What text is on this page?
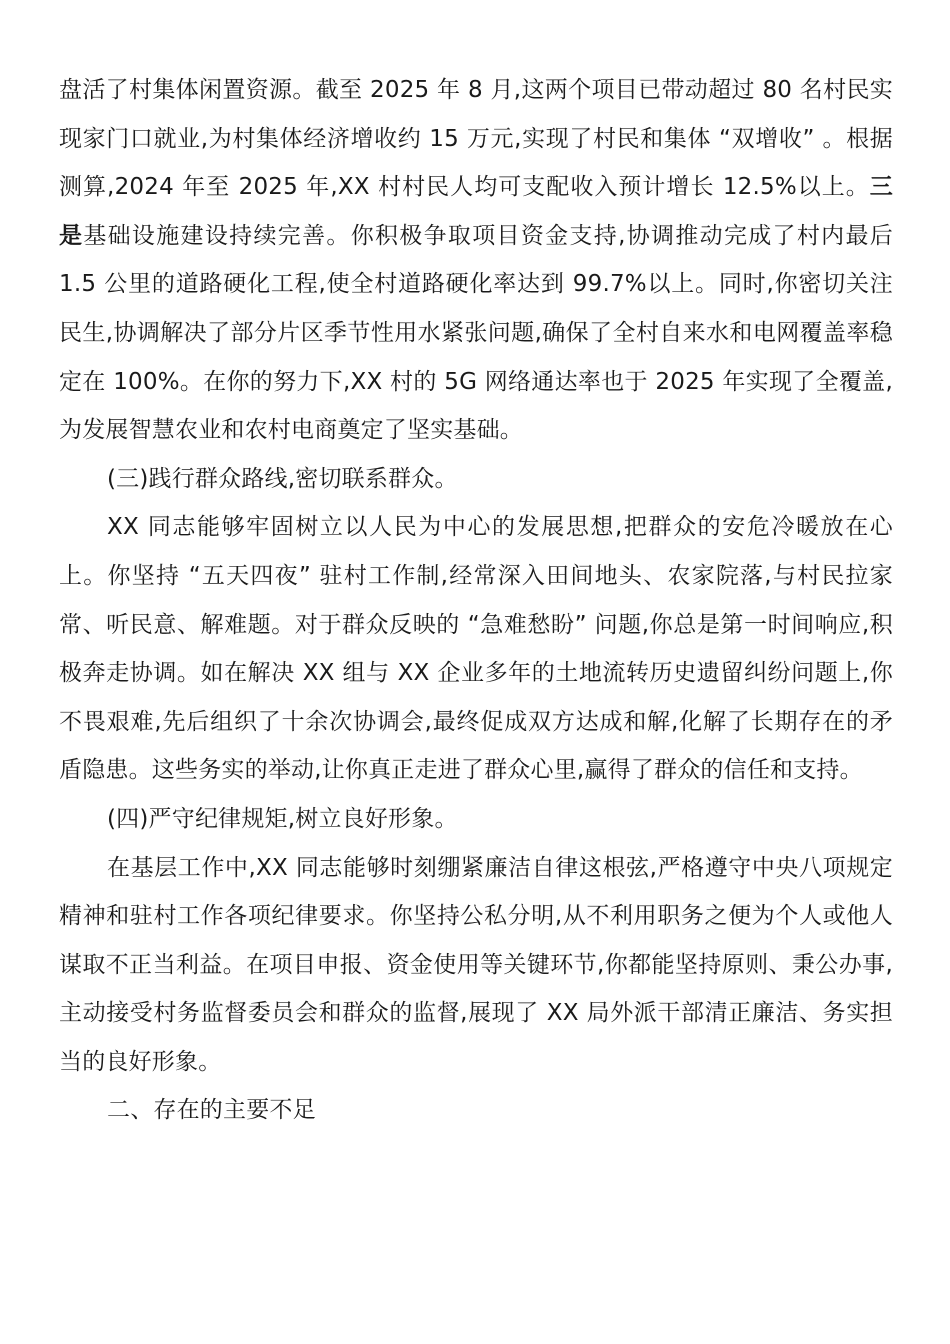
盘活了村集体闲置资源。截至 2025 年 8 月,这两个项目已带动超过 80 名村民实现家门口就业,为村集体经济增收约 15 万元,实现了村民和集体 “双增收” 。根据测算,2024 年至 2025 年,XX 村村民人均可支配收入预计增长 12.5%以上。三是基础设施建设持续完善。你积极争取项目资金支持,协调推动完成了村内最后 1.5 公里的道路硬化工程,使全村道路硬化率达到 99.7%以上。同时,你密切关注民生,协调解决了部分片区季节性用水紧张问题,确保了全村自来水和电网覆盖率稳定在 100%。在你的努力下,XX 村的 5G 网络通达率也于 2025 年实现了全覆盖,为发展智慧农业和农村电商奠定了坚实基础。

(三)践行群众路线,密切联系群众。

XX 同志能够牢固树立以人民为中心的发展思想,把群众的安危冷暖放在心上。你坚持 “五天四夜” 驻村工作制,经常深入田间地头、农家院落,与村民拉家常、听民意、解难题。对于群众反映的 “急难愁盼” 问题,你总是第一时间响应,积极奔走协调。如在解决 XX 组与 XX 企业多年的土地流转历史遗留纠纷问题上,你不畏艰难,先后组织了十余次协调会,最终促成双方达成和解,化解了长期存在的矛盾隐患。这些务实的举动,让你真正走进了群众心里,赢得了群众的信任和支持。

(四)严守纪律规矩,树立良好形象。

在基层工作中,XX 同志能够时刻绷紧廉洁自律这根弦,严格遵守中央八项规定精神和驻村工作各项纪律要求。你坚持公私分明,从不利用职务之便为个人或他人谋取不正当利益。在项目申报、资金使用等关键环节,你都能坚持原则、秉公办事,主动接受村务监督委员会和群众的监督,展现了 XX 局外派干部清正廉洁、务实担当的良好形象。

二、存在的主要不足
